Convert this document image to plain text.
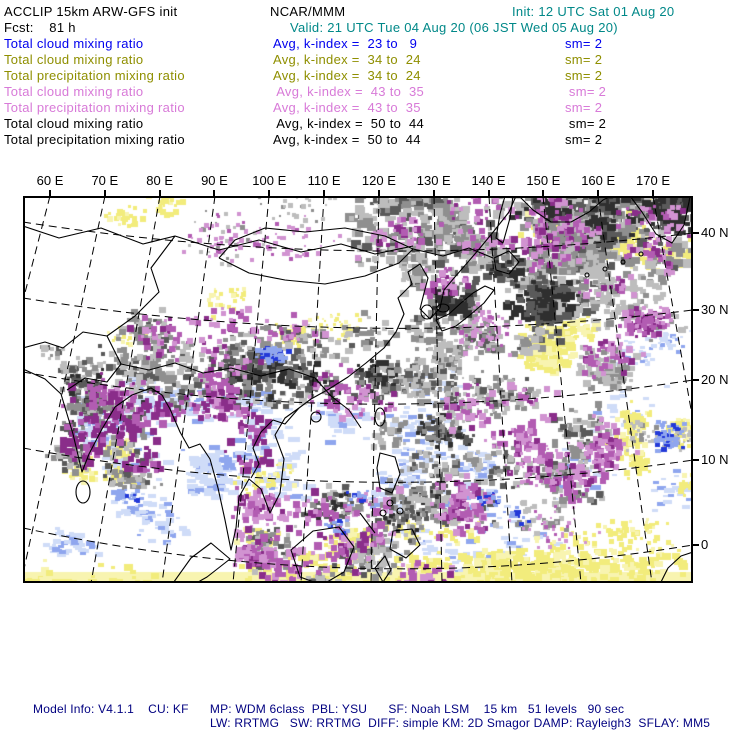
ACCLIP 15km ARW-GFS init	NCAR/MMM	Init: 12 UTC Sat 01 Aug 20
Fcst:    81 h	Valid: 21 UTC Tue 04 Aug 20 (06 JST Wed 05 Aug 20)
Total cloud mixing ratio	Avg, k-index =  23 to   9	sm= 2
Total cloud mixing ratio	Avg, k-index =  34 to  24	sm= 2
Total precipitation mixing ratio	Avg, k-index =  34 to  24	sm= 2
Total cloud mixing ratio	Avg, k-index =  43 to  35	sm= 2
Total precipitation mixing ratio	Avg, k-index =  43 to  35	sm= 2
Total cloud mixing ratio	Avg, k-index =  50 to  44	sm= 2
Total precipitation mixing ratio	Avg, k-index =  50 to  44	sm= 2
60 E 70 E 80 E 90 E 100 E 110 E 120 E 130 E 140 E 150 E 160 E 170 E
40 N
30 N
20 N
10 N
0
Model Info: V4.1.1    CU: KF      MP: WDM 6class  PBL: YSU      SF: Noah LSM    15 km   51 levels   90 sec
LW: RRTMG   SW: RRTMG  DIFF: simple KM: 2D Smagor DAMP: Rayleigh3  SFLAY: MM5
